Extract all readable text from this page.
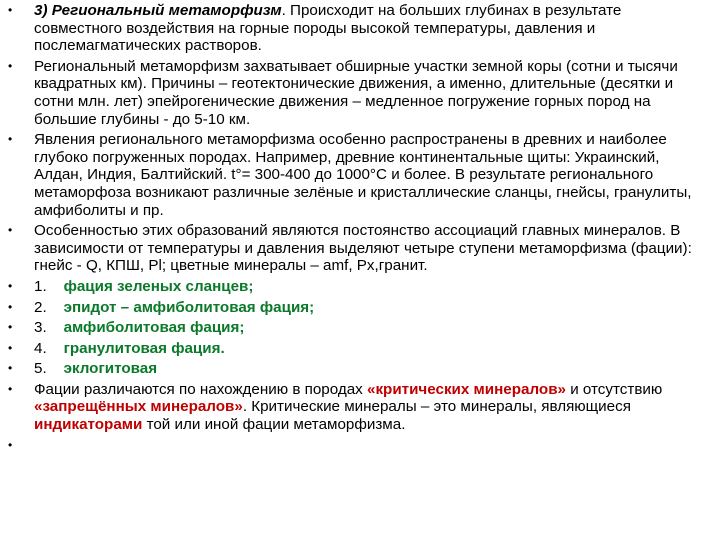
•	3) Региональный метаморфизм. Происходит на больших глубинах в результате совместного воздействия на горные породы высокой температуры, давления и послемагматических растворов.
•	Региональный метаморфизм захватывает обширные участки земной коры (сотни и тысячи квадратных км). Причины – геотектонические движения, а именно, длительные (десятки и сотни млн. лет) эпейрогенические движения – медленное погружение горных пород на большие глубины - до 5-10 км.
•	Явления регионального метаморфизма особенно распространены в древних и наиболее глубоко погруженных породах. Например, древние континентальные щиты: Украинский, Алдан, Индия, Балтийский. t°= 300-400 до 1000°С и более. В результате регионального метаморфоза возникают различные зелёные и кристаллические сланцы, гнейсы, гранулиты, амфиболиты и пр.
•	Особенностью этих образований являются постоянство ассоциаций главных минералов. В зависимости от температуры и давления выделяют четыре ступени метаморфизма (фации): гнейс - Q, КПШ, Pl; цветные минералы – amf, Px,гранит.
•	1. фация зеленых сланцев;
•	2. эпидот – амфиболитовая фация;
•	3. амфиболитовая фация;
•	4. гранулитовая фация.
•	5. эклогитовая
•	Фации различаются по нахождению в породах «критических минералов» и отсутствию «запрещённых минералов». Критические минералы – это минералы, являющиеся индикаторами той или иной фации метаморфизма.
•
